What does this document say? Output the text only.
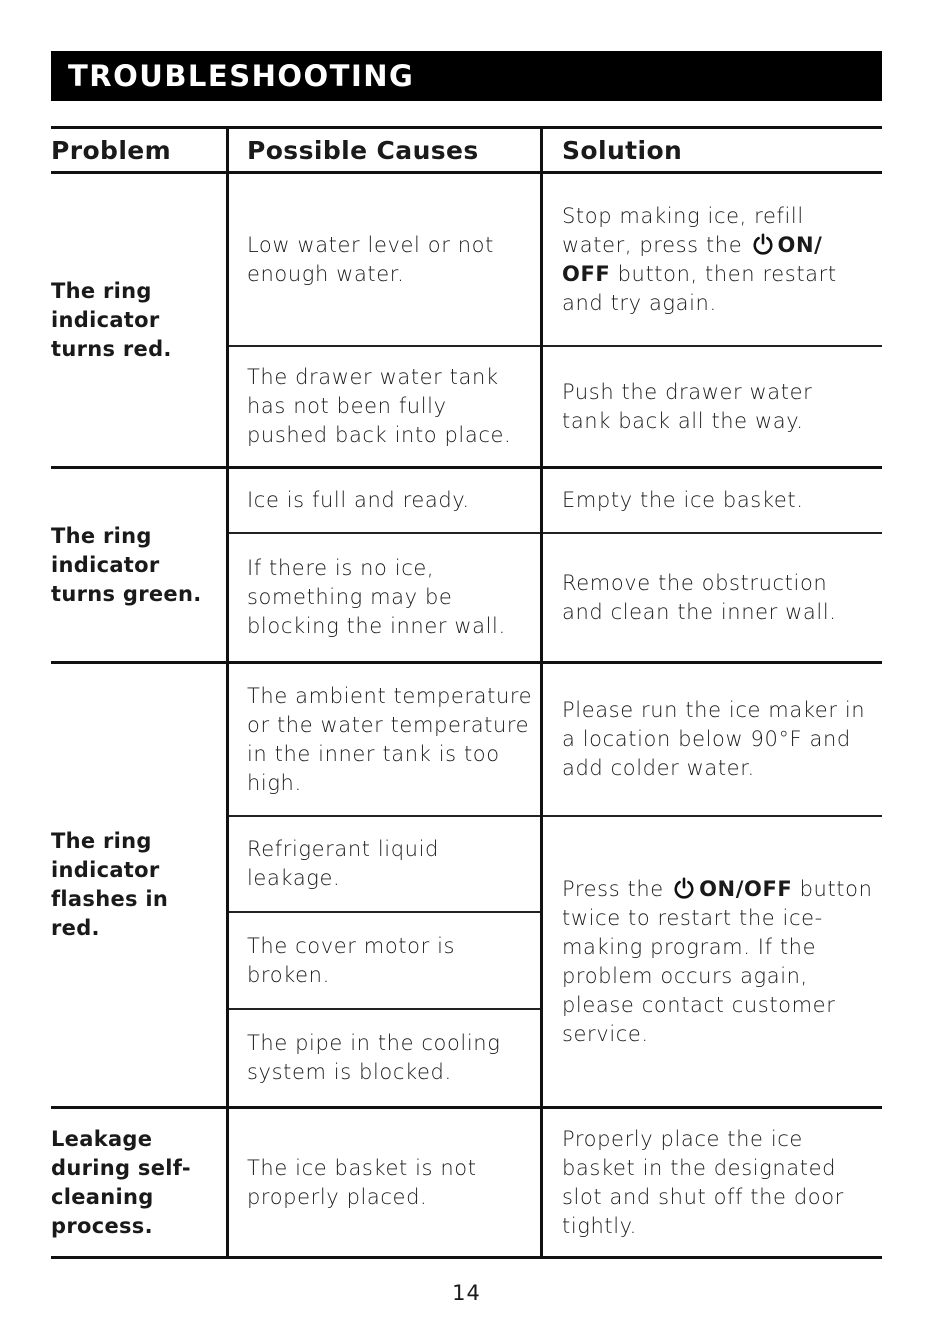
TROUBLESHOOTING
Problem	Possible Causes	Solution
The ring indicator turns red.
The ring indicator turns green.
The ring indicator flashes in red.
Leakage during self-cleaning process.
Low water level or not enough water.
The drawer water tank has not been fully pushed back into place.
Ice is full and ready.
If there is no ice, something may be blocking the inner wall.
The ambient temperature or the water temperature in the inner tank is too high.
Refrigerant liquid leakage.
The cover motor is broken.
The pipe in the cooling system is blocked.
The ice basket is not properly placed.
Stop making ice, refill water, press the ON/ OFF button, then restart and try again.
Push the drawer water tank back all the way.
Empty the ice basket.
Remove the obstruction and clean the inner wall.
Please run the ice maker in a location below 90°F and add colder water.
Press the ON/OFF button twice to restart the ice-making program. If the problem occurs again, please contact customer service.
Properly place the ice basket in the designated slot and shut off the door tightly.
14
